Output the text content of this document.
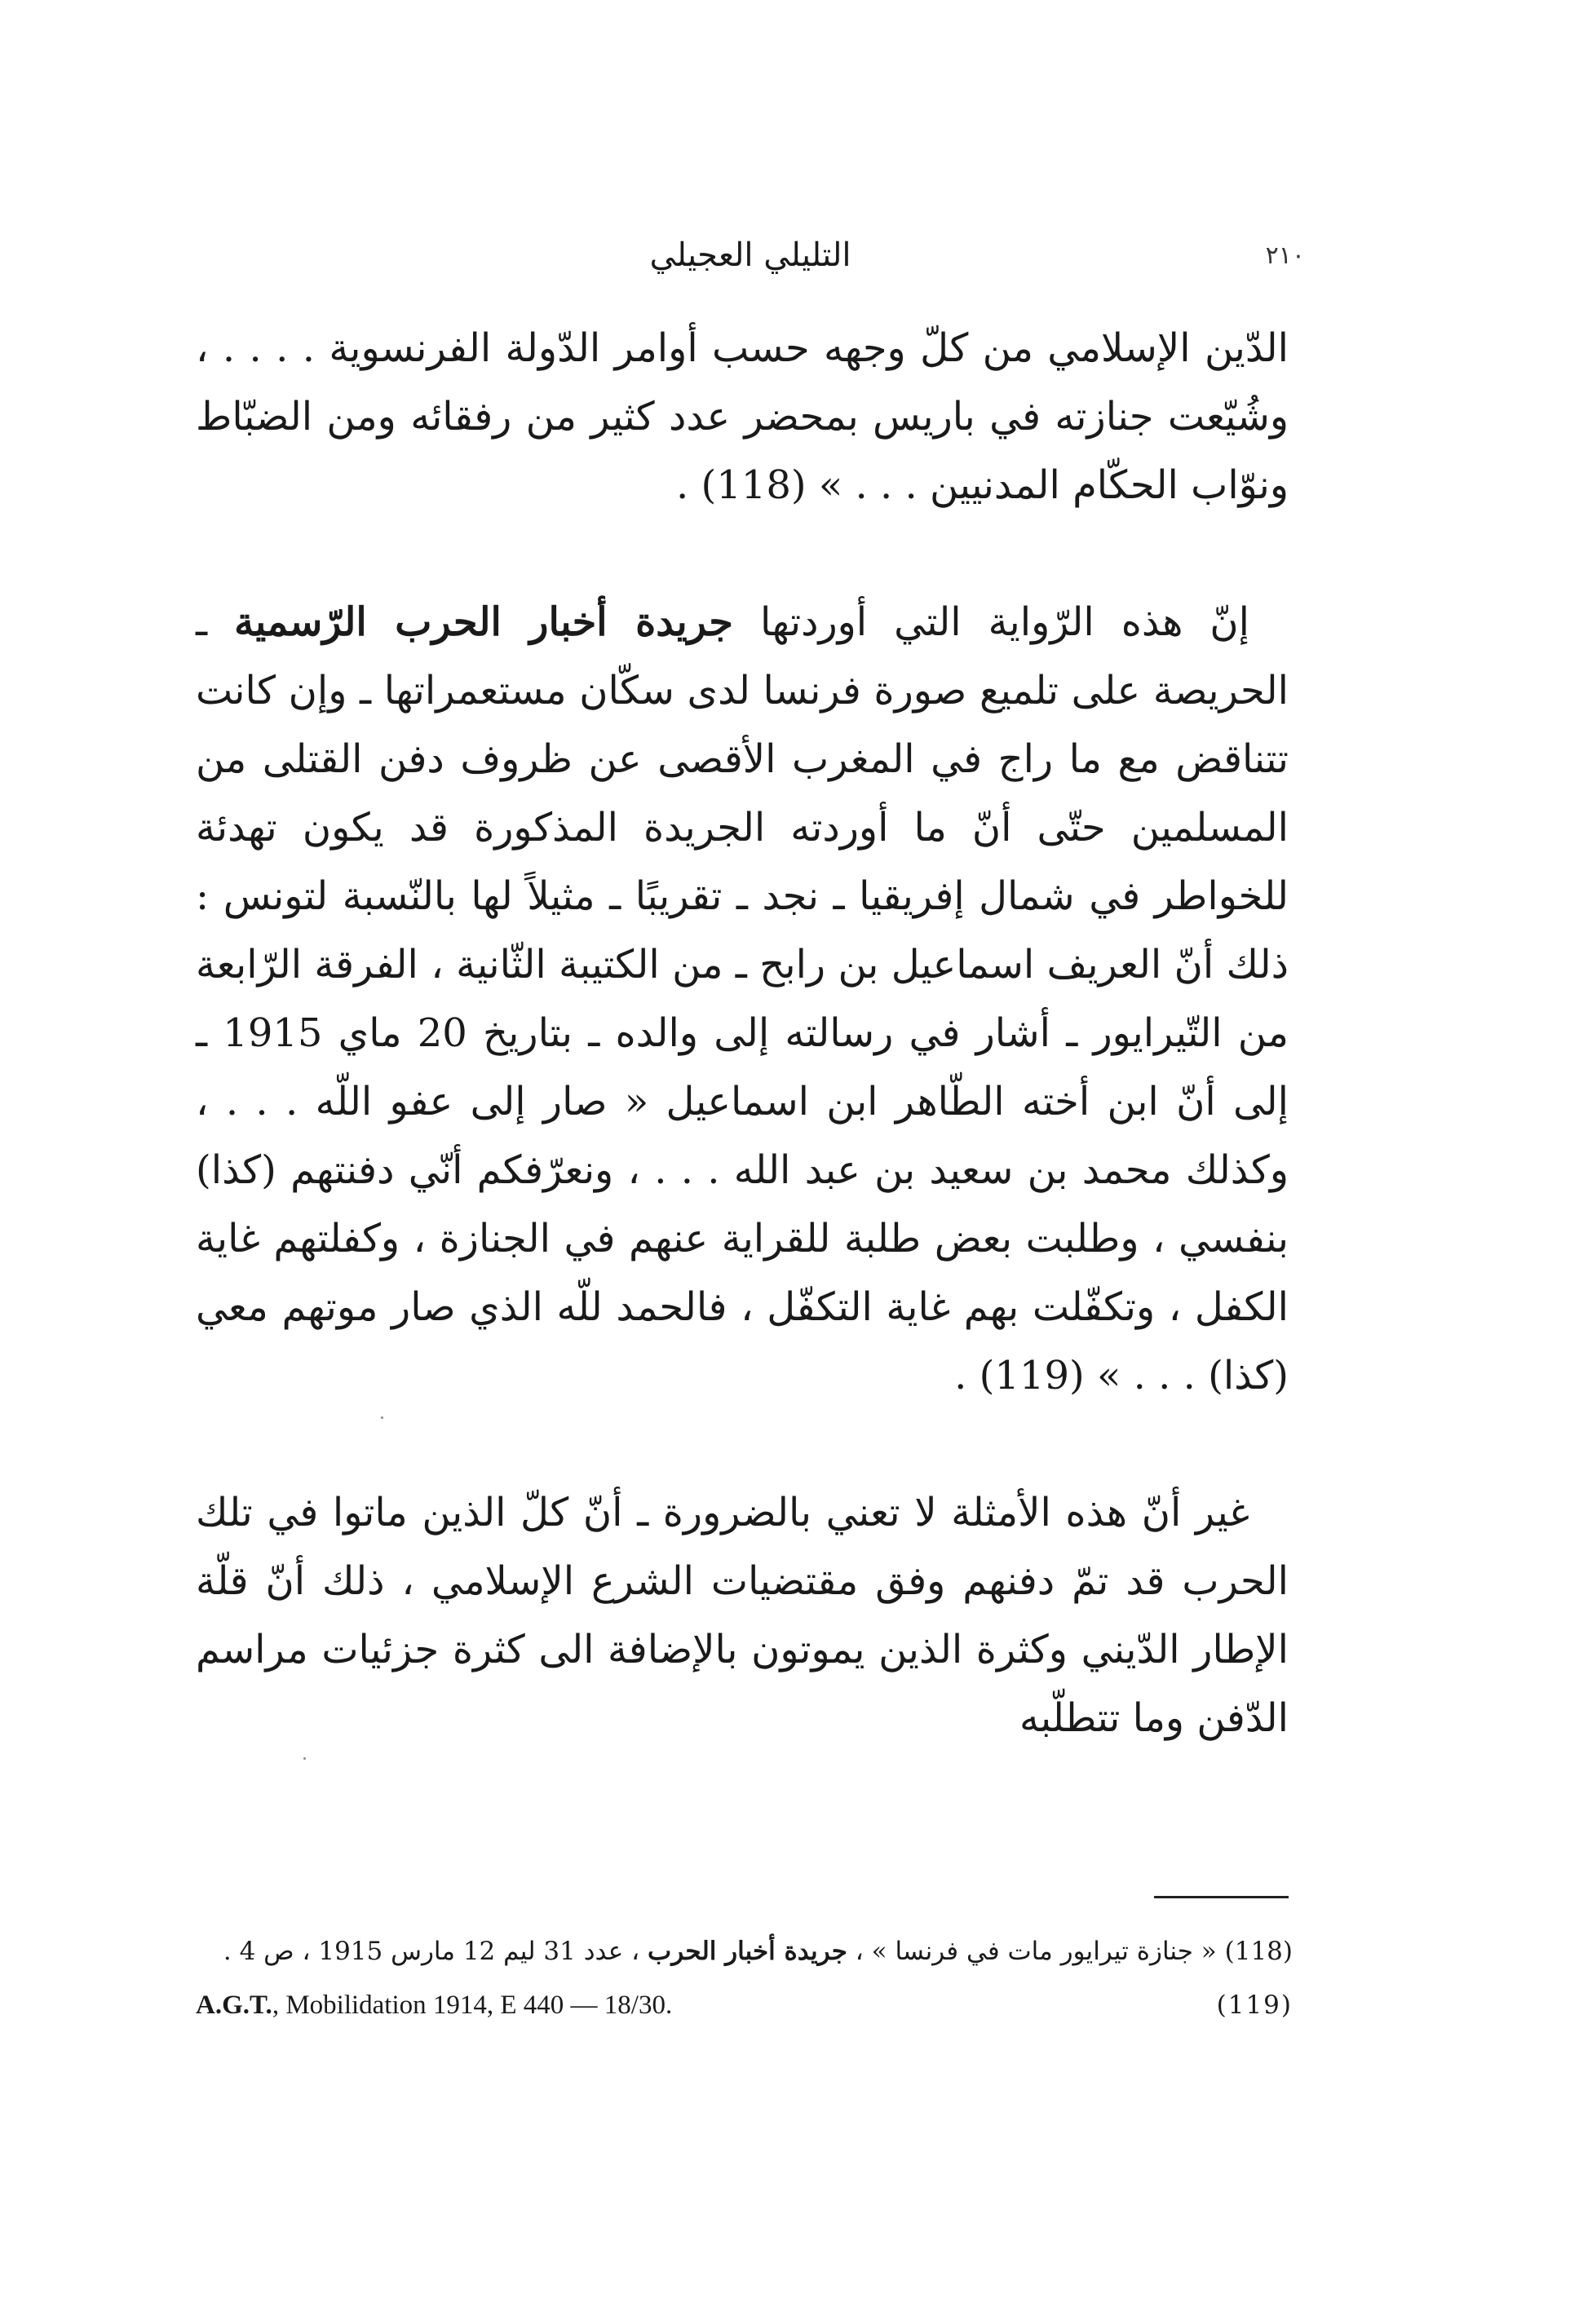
التليلي العجيلي	٢١٠

الدّين الإسلامي من كلّ وجهه حسب أوامر الدّولة الفرنسوية . . . . ، وشُيّعت جنازته في باريس بمحضر عدد كثير من رفقائه ومن الضبّاط ونوّاب الحكّام المدنيين . . . » (118) .

إنّ هذه الرّواية التي أوردتها جريدة أخبار الحرب الرّسمية ـ الحريصة على تلميع صورة فرنسا لدى سكّان مستعمراتها ـ وإن كانت تتناقض مع ما راج في المغرب الأقصى عن ظروف دفن القتلى من المسلمين حتّى أنّ ما أوردته الجريدة المذكورة قد يكون تهدئة للخواطر في شمال إفريقيا ـ نجد ـ تقريبًا ـ مثيلاً لها بالنّسبة لتونس : ذلك أنّ العريف اسماعيل بن رابح ـ من الكتيبة الثّانية ، الفرقة الرّابعة من التّيرايور ـ أشار في رسالته إلى والده ـ بتاريخ 20 ماي 1915 ـ إلى أنّ ابن أخته الطّاهر ابن اسماعيل « صار إلى عفو اللّه . . . ، وكذلك محمد بن سعيد بن عبد الله . . . ، ونعرّفكم أنّي دفنتهم (كذا) بنفسي ، وطلبت بعض طلبة للقراية عنهم في الجنازة ، وكفلتهم غاية الكفل ، وتكفّلت بهم غاية التكفّل ، فالحمد للّه الذي صار موتهم معي (كذا) . . . » (119) .

غير أنّ هذه الأمثلة لا تعني بالضرورة ـ أنّ كلّ الذين ماتوا في تلك الحرب قد تمّ دفنهم وفق مقتضيات الشرع الإسلامي ، ذلك أنّ قلّة الإطار الدّيني وكثرة الذين يموتون بالإضافة الى كثرة جزئيات مراسم الدّفن وما تتطلّبه

(118) « جنازة تيرايور مات في فرنسا » ، جريدة أخبار الحرب ، عدد 31 ليم 12 مارس 1915 ، ص 4 .
(119)
A.G.T., Mobilidation 1914, E 440 — 18/30.
